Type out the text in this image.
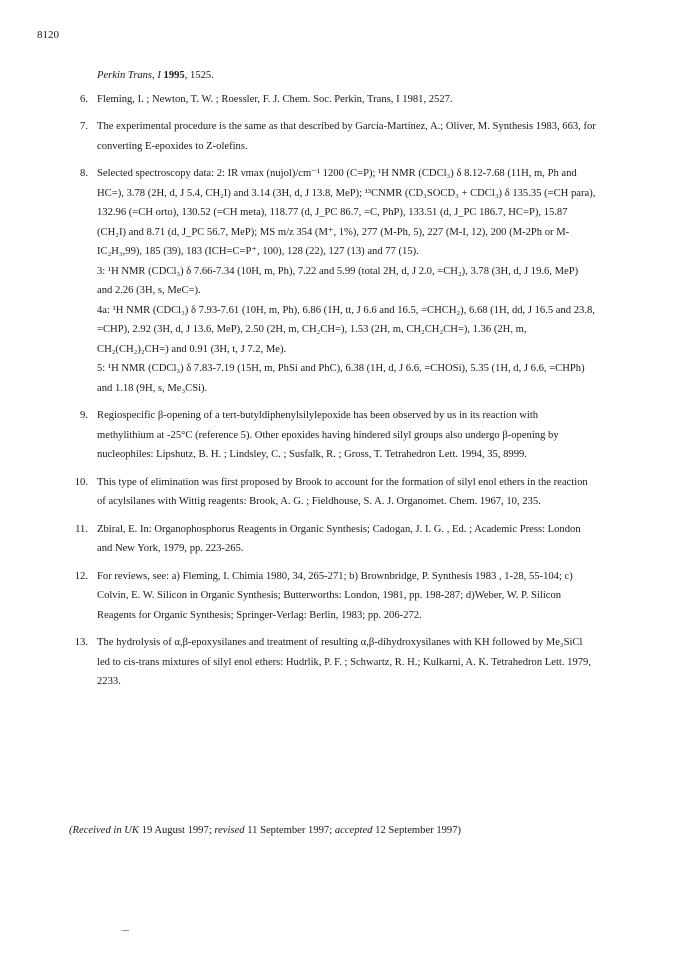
8120

Perkin Trans, I 1995, 1525.

6. Fleming, I. ; Newton, T. W. ; Roessler, F. J. Chem. Soc. Perkin, Trans, I 1981, 2527.

7. The experimental procedure is the same as that described by García-Martínez, A.; Oliver, M. Synthesis 1983, 663, for converting E-epoxides to Z-olefins.

8. Selected spectroscopy data: 2: IR νmax (nujol)/cm⁻¹ 1200 (C=P); ¹H NMR (CDCl₃) δ 8.12-7.68 (11H, m, Ph and HC=), 3.78 (2H, d, J 5.4, CH₂I) and 3.14 (3H, d, J 13.8, MeP); ¹³CNMR (CD₃SOCD₃ + CDCl₃) δ 135.35 (=CH para), 132.96 (=CH orto), 130.52 (=CH meta), 118.77 (d, J_PC 86.7, =C, PhP), 133.51 (d, J_PC 186.7, HC=P), 15.87 (CH₂I) and 8.71 (d, J_PC 56.7, MeP); MS m/z 354 (M⁺, 1%), 277 (M-Ph, 5), 227 (M-I, 12), 200 (M-2Ph or M-IC₂H₃,99), 185 (39), 183 (ICH=C=P⁺, 100), 128 (22), 127 (13) and 77 (15).

3: ¹H NMR (CDCl₃) δ 7.66-7.34 (10H, m, Ph), 7.22 and 5.99 (total 2H, d, J 2.0, =CH₂), 3.78 (3H, d, J 19.6, MeP) and 2.26 (3H, s, MeC=).

4a: ¹H NMR (CDCl₃) δ 7.93-7.61 (10H, m, Ph), 6.86 (1H, tt, J 6.6 and 16.5, =CHCH₂), 6.68 (1H, dd, J 16.5 and 23.8, =CHP), 2.92 (3H, d, J 13.6, MeP), 2.50 (2H, m, CH₂CH=), 1.53 (2H, m, CH₂CH₂CH=), 1.36 (2H, m, CH₂(CH₂)₂CH=) and 0.91 (3H, t, J 7.2, Me).

5: ¹H NMR (CDCl₃) δ 7.83-7.19 (15H, m, PhSi and PhC), 6.38 (1H, d, J 6.6, =CHOSi), 5.35 (1H, d, J 6.6, =CHPh) and 1.18 (9H, s, Me₃CSi).

9. Regiospecific β-opening of a tert-butyldiphenylsilylepoxide has been observed by us in its reaction with methylithium at -25°C (reference 5). Other epoxides having hindered silyl groups also undergo β-opening by nucleophiles: Lipshutz, B. H. ; Lindsley, C. ; Susfalk, R. ; Gross, T. Tetrahedron Lett. 1994, 35, 8999.

10. This type of elimination was first proposed by Brook to account for the formation of silyl enol ethers in the reaction of acylsilanes with Wittig reagents: Brook, A. G. ; Fieldhouse, S. A. J. Organomet. Chem. 1967, 10, 235.

11. Zbiral, E. In: Organophosphorus Reagents in Organic Synthesis; Cadogan, J. I. G. , Ed. ; Academic Press: London and New York, 1979, pp. 223-265.

12. For reviews, see: a) Fleming, I. Chimia 1980, 34, 265-271; b) Brownbridge, P. Synthesis 1983 , 1-28, 55-104; c) Colvin, E. W. Silicon in Organic Synthesis; Butterworths: London, 1981, pp. 198-287; d)Weber, W. P. Silicon Reagents for Organic Synthesis; Springer-Verlag: Berlin, 1983; pp. 206-272.

13. The hydrolysis of α,β-epoxysilanes and treatment of resulting α,β-dihydroxysilanes with KH followed by Me₃SiCl led to cis-trans mixtures of silyl enol ethers: Hudrlik, P. F. ; Schwartz, R. H.; Kulkarni, A. K. Tetrahedron Lett. 1979, 2233.

(Received in UK 19 August 1997; revised 11 September 1997; accepted 12 September 1997)
